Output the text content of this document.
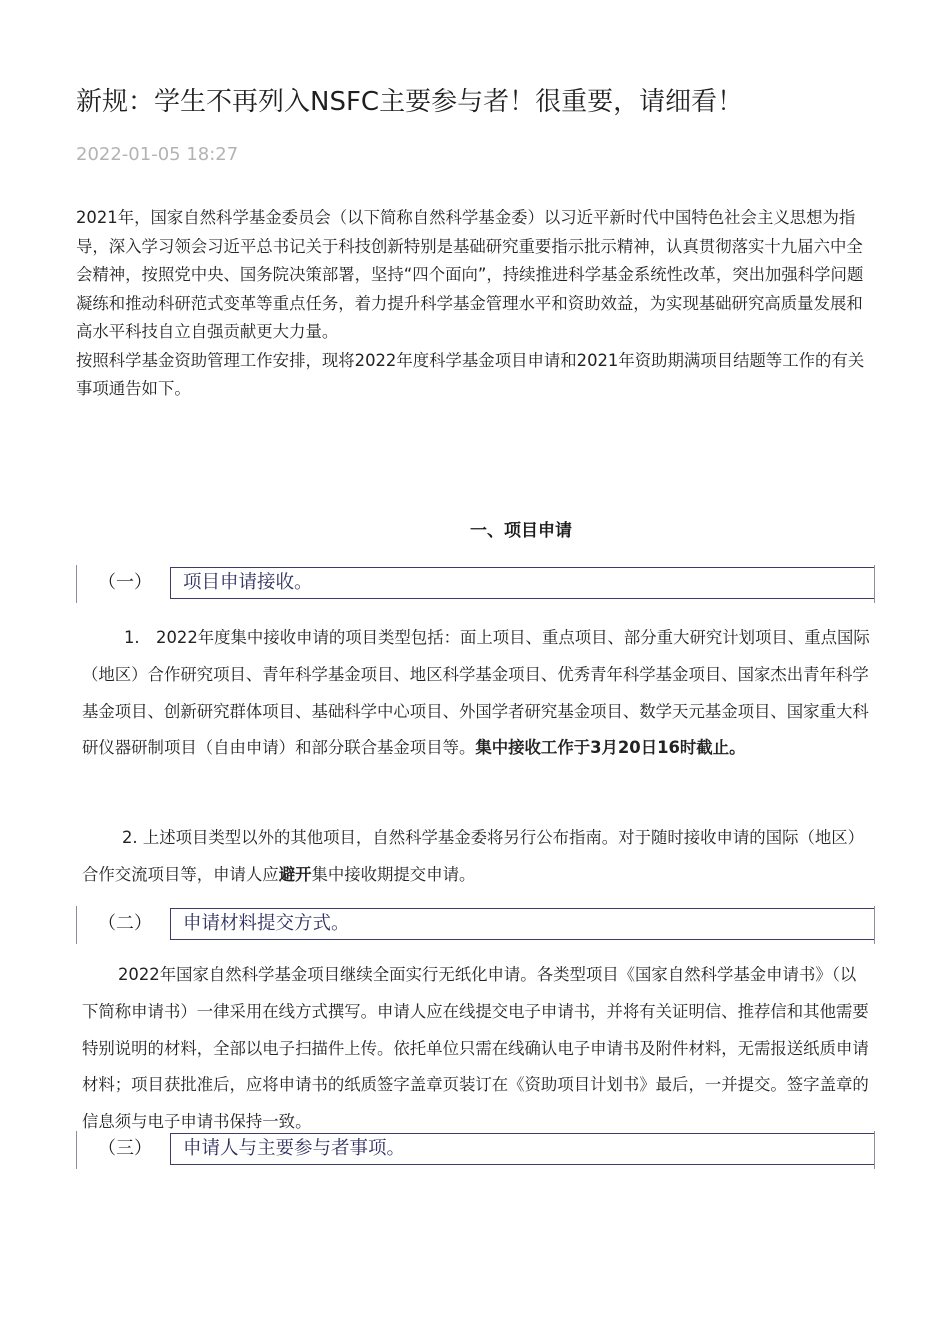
新规：学生不再列入NSFC主要参与者！很重要，请细看！
2022-01-05 18:27

2021年，国家自然科学基金委员会（以下简称自然科学基金委）以习近平新时代中国特色社会主义思想为指导，深入学习领会习近平总书记关于科技创新特别是基础研究重要指示批示精神，认真贯彻落实十九届六中全会精神，按照党中央、国务院决策部署，坚持“四个面向”，持续推进科学基金系统性改革，突出加强科学问题凝练和推动科研范式变革等重点任务，着力提升科学基金管理水平和资助效益，为实现基础研究高质量发展和高水平科技自立自强贡献更大力量。

按照科学基金资助管理工作安排，现将2022年度科学基金项目申请和2021年资助期满项目结题等工作的有关事项通告如下。

一、项目申请
（一） 项目申请接收。
1.　2022年度集中接收申请的项目类型包括：面上项目、重点项目、部分重大研究计划项目、重点国际（地区）合作研究项目、青年科学基金项目、地区科学基金项目、优秀青年科学基金项目、国家杰出青年科学基金项目、创新研究群体项目、基础科学中心项目、外国学者研究基金项目、数学天元基金项目、国家重大科研仪器研制项目（自由申请）和部分联合基金项目等。集中接收工作于3月20日16时截止。
2. 上述项目类型以外的其他项目，自然科学基金委将另行公布指南。对于随时接收申请的国际（地区）合作交流项目等，申请人应避开集中接收期提交申请。
（二） 申请材料提交方式。
2022年国家自然科学基金项目继续全面实行无纸化申请。各类型项目《国家自然科学基金申请书》（以下简称申请书）一律采用在线方式撰写。申请人应在线提交电子申请书，并将有关证明信、推荐信和其他需要特别说明的材料，全部以电子扫描件上传。依托单位只需在线确认电子申请书及附件材料，无需报送纸质申请材料；项目获批准后，应将申请书的纸质签字盖章页装订在《资助项目计划书》最后，一并提交。签字盖章的信息须与电子申请书保持一致。
（三） 申请人与主要参与者事项。
